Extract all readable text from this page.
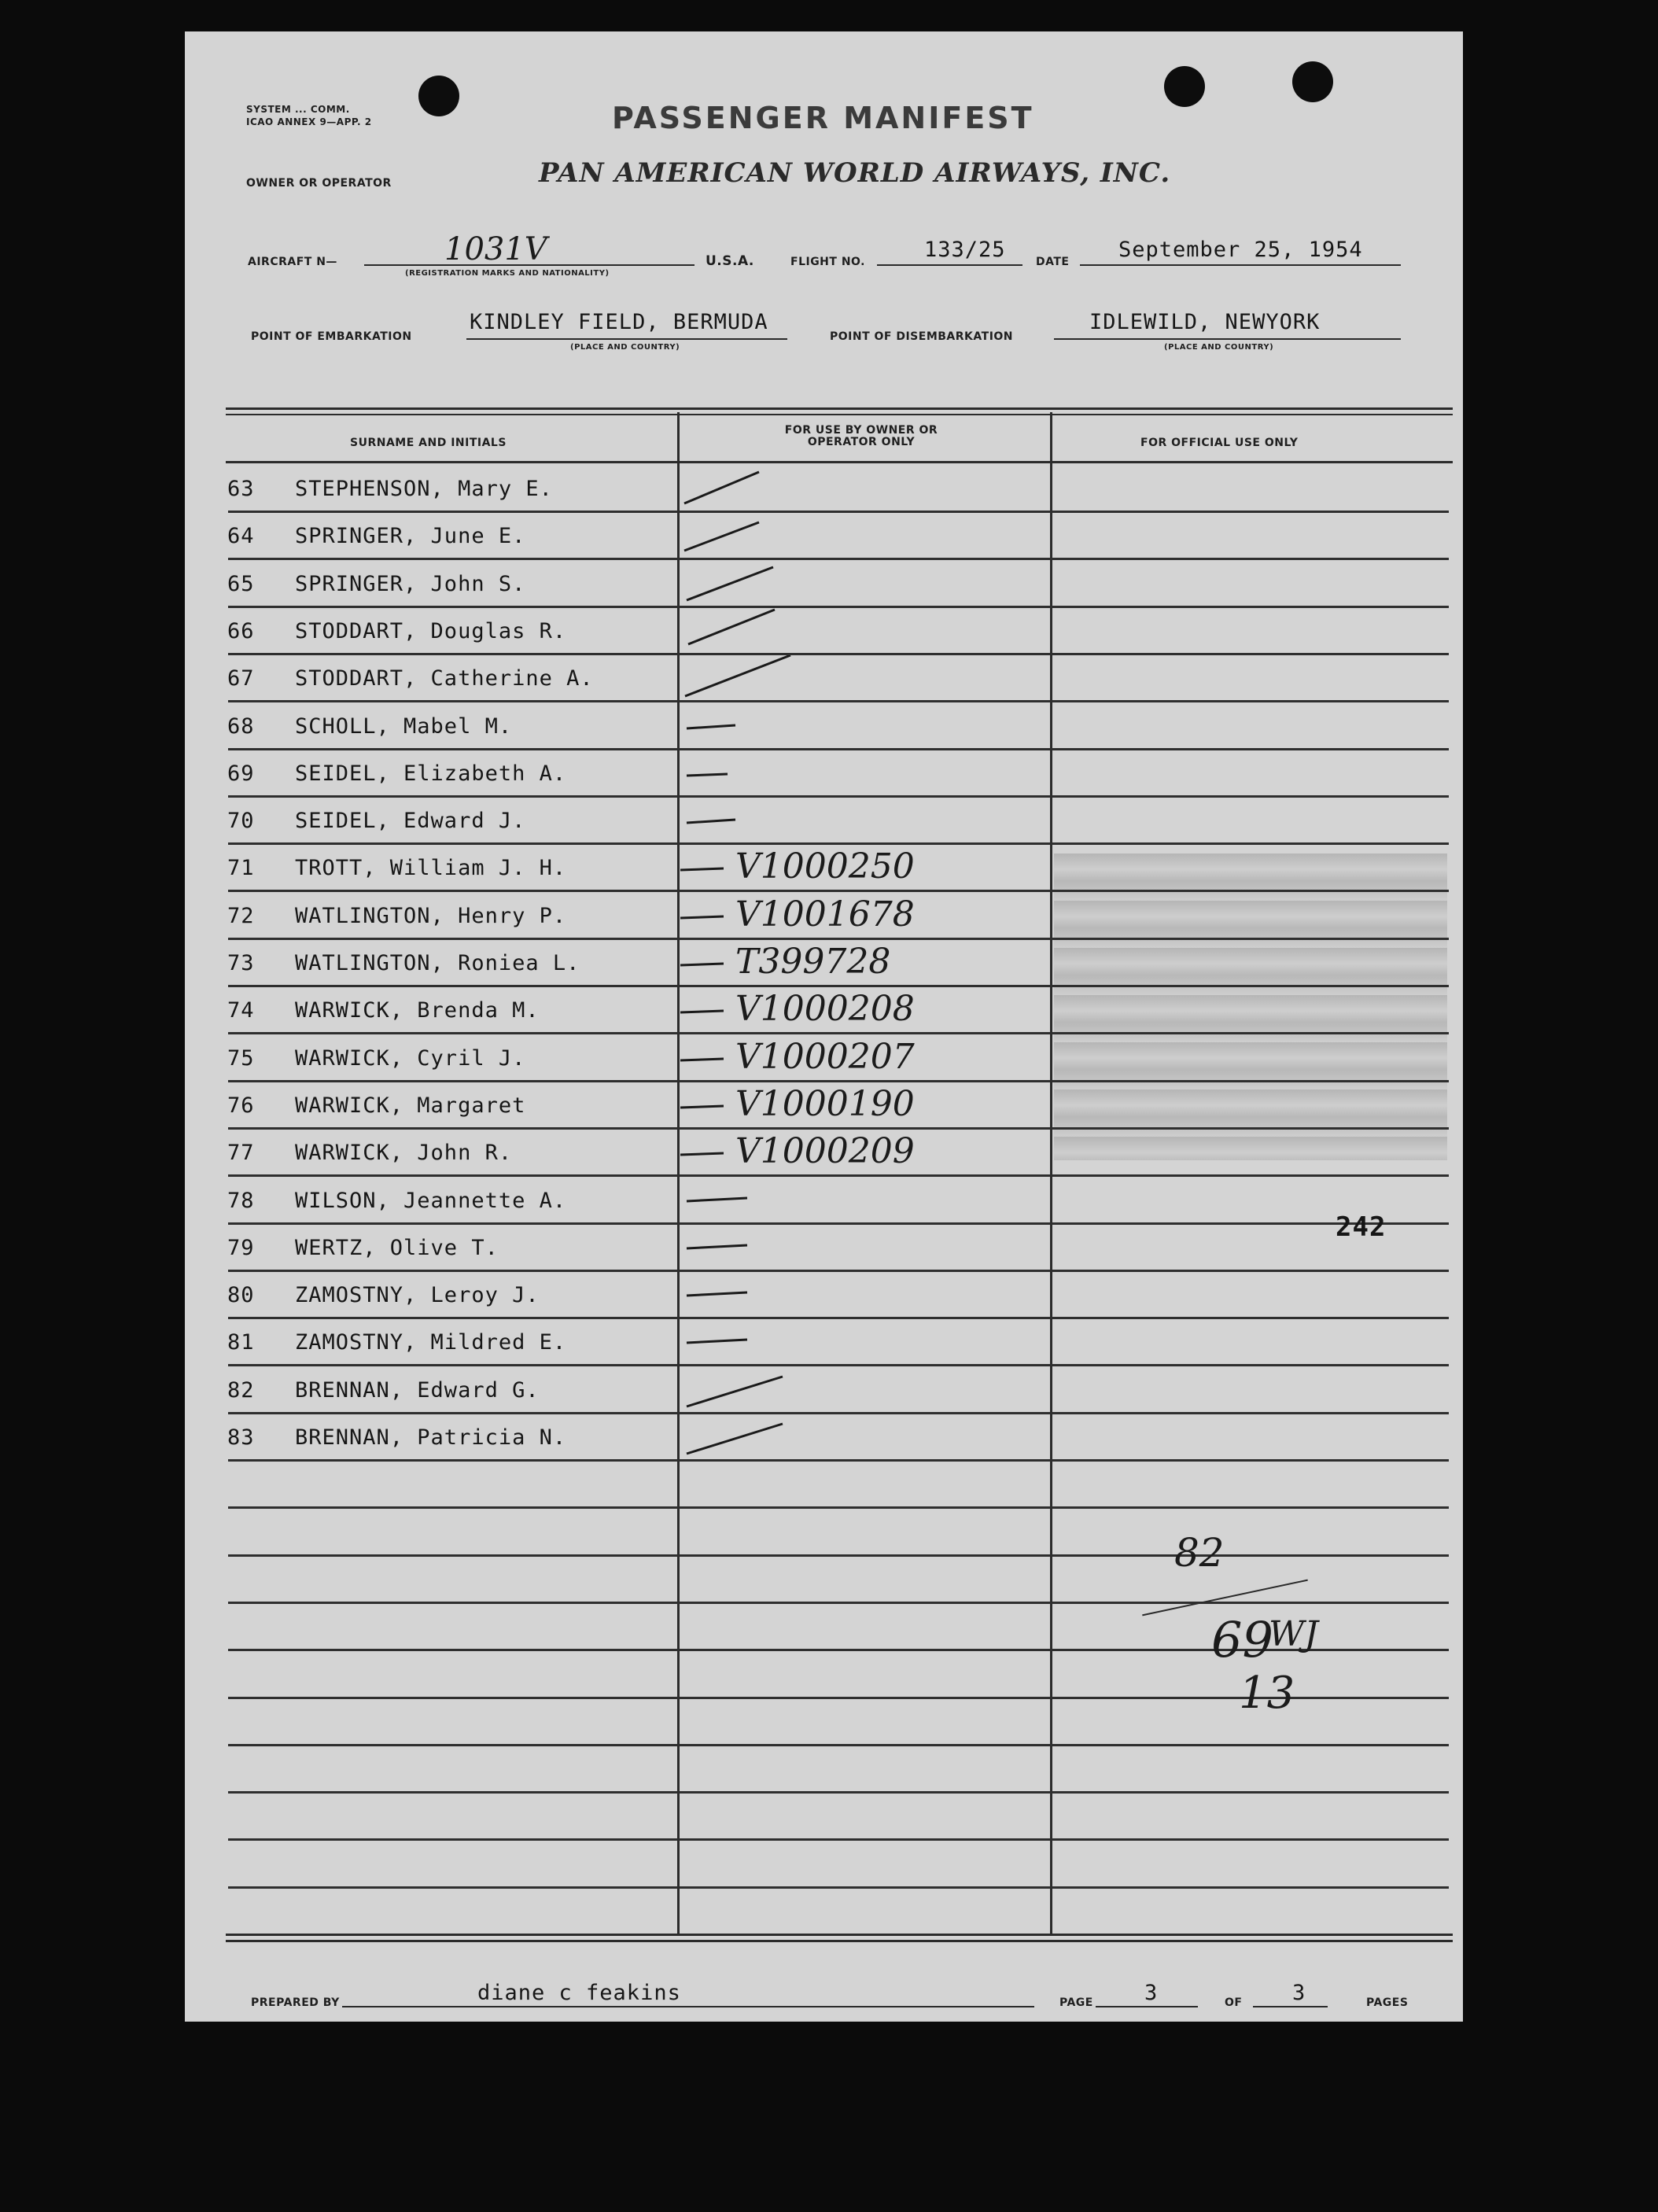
SYSTEM ... COMM.
ICAO ANNEX 9—APP. 2	PASSENGER MANIFEST
OWNER OR OPERATOR	PAN AMERICAN WORLD AIRWAYS, INC.
AIRCRAFT N—	1031V
(REGISTRATION MARKS AND NATIONALITY)
U.S.A.	FLIGHT NO.	133/25	DATE September 25, 1954
POINT OF EMBARKATION
KINDLEY FIELD, BERMUDA
(PLACE AND COUNTRY)
POINT OF DISEMBARKATION
IDLEWILD, NEWYORK
(PLACE AND COUNTRY)
SURNAME AND INITIALS
FOR USE BY OWNER OR OPERATOR ONLY	FOR OFFICIAL USE ONLY
63 STEPHENSON, Mary E.
64 SPRINGER, June E.
65 SPRINGER, John S.
66 STODDART, Douglas R.
67 STODDART, Catherine A.
68 SCHOLL, Mabel M.
69 SEIDEL, Elizabeth A.
70 SEIDEL, Edward J.
71 TROTT, William J. H.	V1000250
72 WATLINGTON, Henry P.	V1001678
73 WATLINGTON, Roniea L.	T399728
74 WARWICK, Brenda M.	V1000208
75 WARWICK, Cyril J.	V1000207
76 WARWICK, Margaret	V1000190
77 WARWICK, John R.	V1000209
78 WILSON, Jeannette A.
79 WERTZ, Olive T.
80 ZAMOSTNY, Leroy J.
81 ZAMOSTNY, Mildred E.
82 BRENNAN, Edward G.
83 BRENNAN, Patricia N.
242
82
69
WJ
13
PREPARED BY	diane c feakins	PAGE 3	OF 3	PAGES
